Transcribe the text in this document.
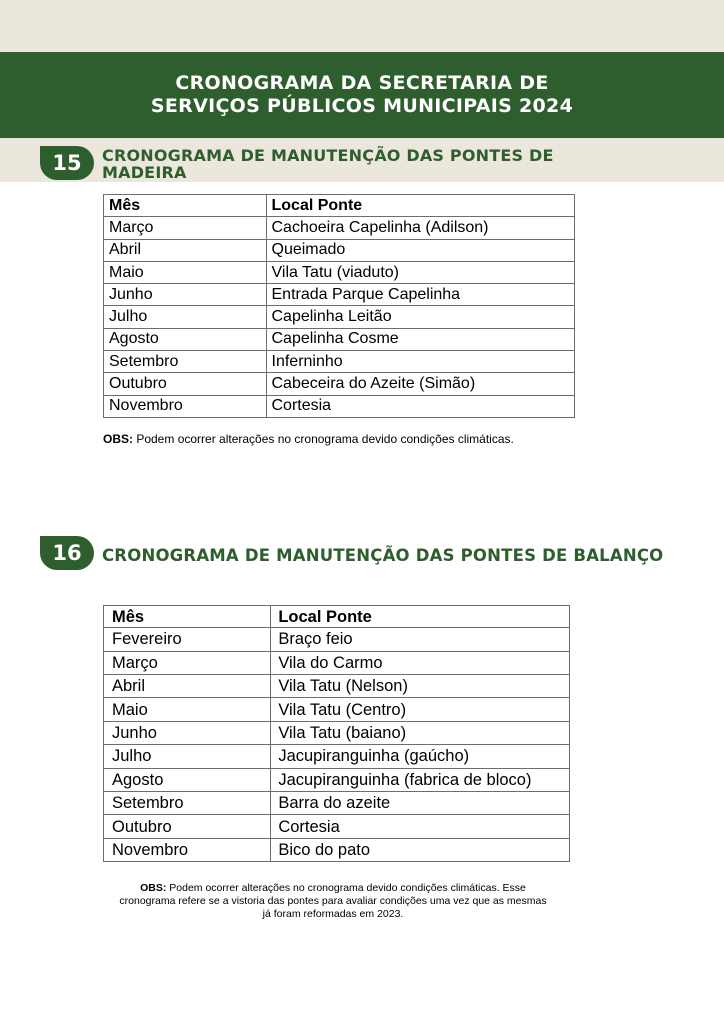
CRONOGRAMA DA SECRETARIA DE
SERVIÇOS PÚBLICOS MUNICIPAIS 2024
15	CRONOGRAMA DE MANUTENÇÃO DAS PONTES DE
MADEIRA
Mês	Local Ponte
Março	Cachoeira Capelinha (Adilson)
Abril	Queimado
Maio	Vila Tatu (viaduto)
Junho	Entrada Parque Capelinha
Julho	Capelinha Leitão
Agosto	Capelinha Cosme
Setembro	Inferninho
Outubro	Cabeceira do Azeite (Simão)
Novembro	Cortesia
OBS: Podem ocorrer alterações no cronograma devido condições climáticas.
16	CRONOGRAMA DE MANUTENÇÃO DAS PONTES DE BALANÇO
Mês	Local Ponte
Fevereiro	Braço feio
Março	Vila do Carmo
Abril	Vila Tatu (Nelson)
Maio	Vila Tatu (Centro)
Junho	Vila Tatu (baiano)
Julho	Jacupiranguinha (gaúcho)
Agosto	Jacupiranguinha (fabrica de bloco)
Setembro	Barra do azeite
Outubro	Cortesia
Novembro	Bico do pato
OBS: Podem ocorrer alterações no cronograma devido condições climáticas. Esse
cronograma refere se a vistoria das pontes para avaliar condições uma vez que as mesmas
já foram reformadas em 2023.
